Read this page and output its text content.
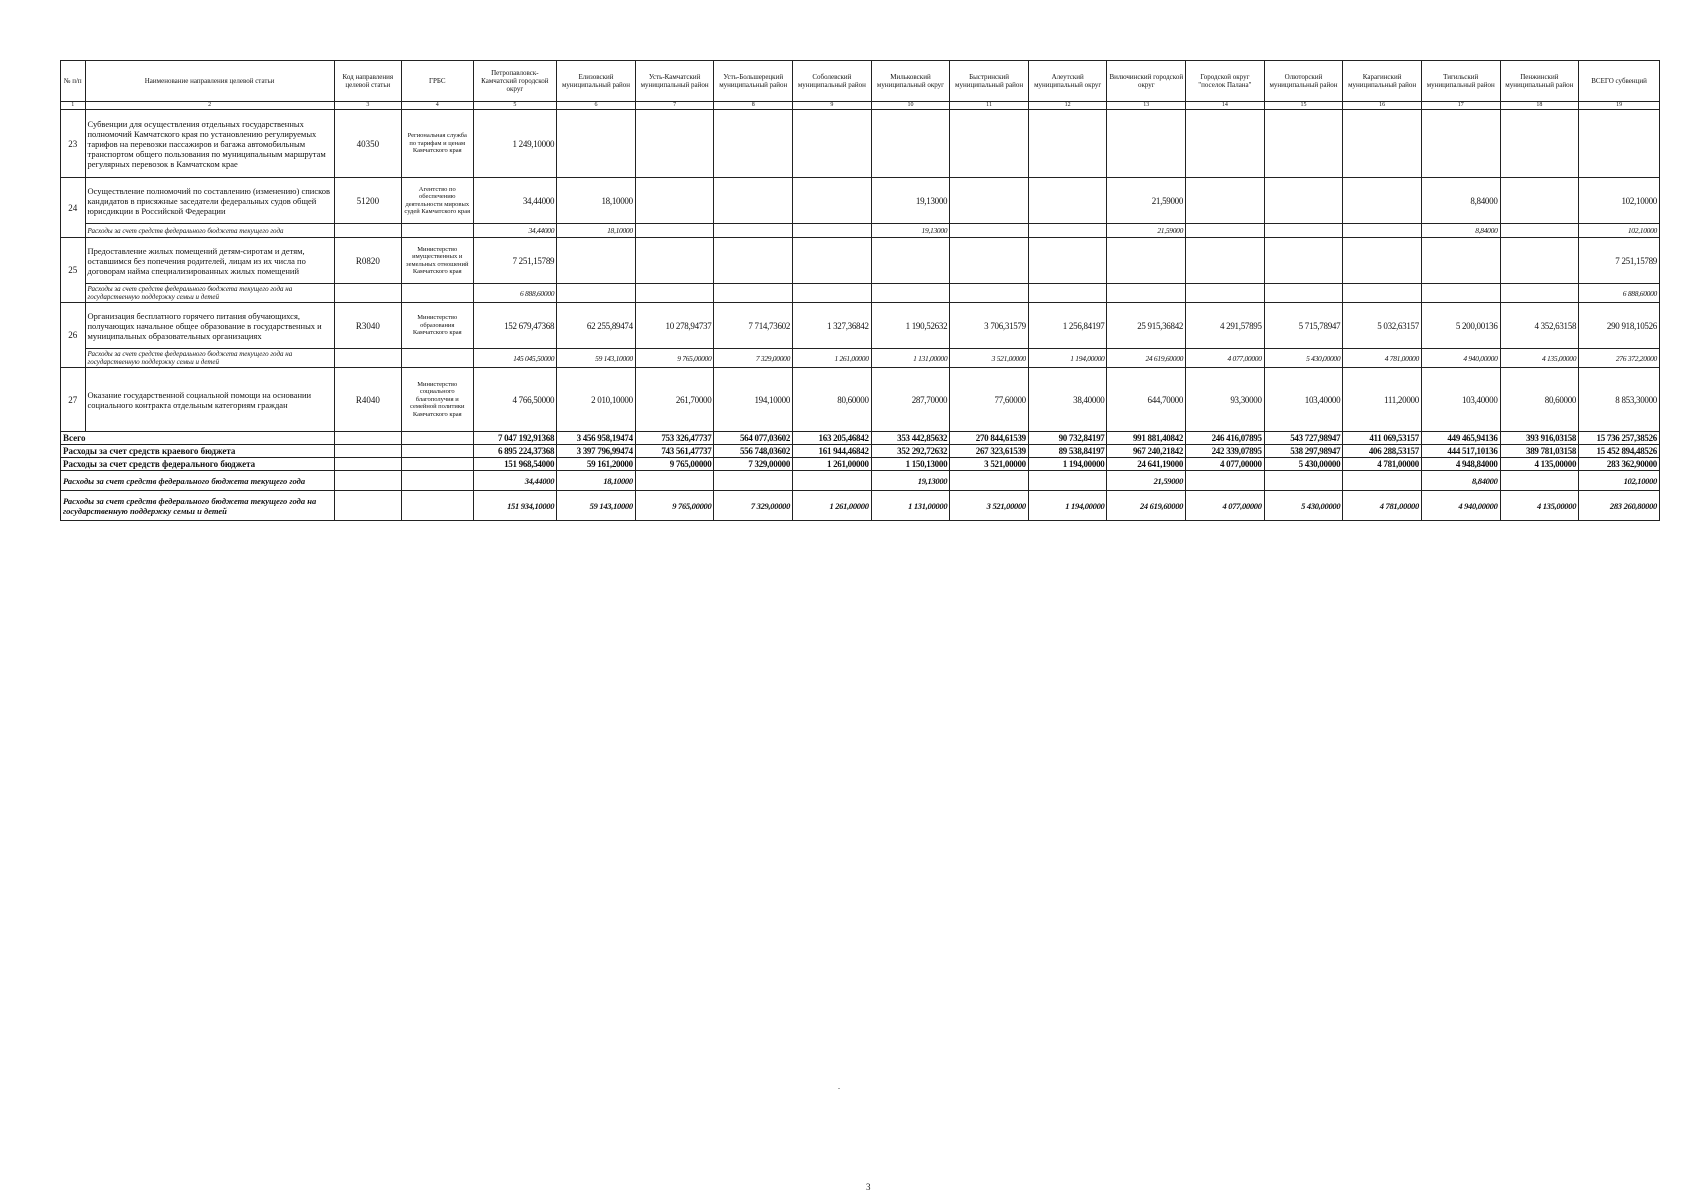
№ п/п	Наименование направления целевой статьи	Код направления целевой статьи	ГРБС	Петропавловск-Камчатский городской округ	Елизовский муниципальный район	Усть-Камчатский муниципальный район	Усть-Большерецкий муниципальный район	Соболевский муниципальный район	Мильковский муниципальный округ	Быстринский муниципальный район	Алеутский муниципальный округ	Вилючинский городской округ	Городской округ "поселок Палана"	Олюторский муниципальный район	Карагинский муниципальный район	Тигильский муниципальный район	Пенжинский муниципальный район	ВСЕГО субвенций
1	2	3	4	5	6	7	8	9	10	11	12	13	14	15	16	17	18	19
23	Субвенции для осуществления отдельных государственных полномочий Камчатского края по установлению регулируемых тарифов на перевозки пассажиров и багажа автомобильным транспортом общего пользования по муниципальным маршрутам регулярных перевозок в Камчатском крае	40350	Региональная служба по тарифам и ценам Камчатского края	1 249,10000														
24	Осуществление полномочий по составлению (изменению) списков кандидатов в присяжные заседатели федеральных судов общей юрисдикции в Российской Федерации	51200	Агентство по обеспечению деятельности мировых судей Камчатского края	34,44000	18,10000				19,13000			21,59000				8,84000		102,10000
	Расходы за счет средств федерального бюджета текущего года			34,44000	18,10000				19,13000			21,59000				8,84000		102,10000
25	Предоставление жилых помещений детям-сиротам и детям, оставшимся без попечения родителей, лицам из их числа по договорам найма специализированных жилых помещений	R0820	Министерство имущественных и земельных отношений Камчатского края	7 251,15789														7 251,15789
	Расходы за счет средств федерального бюджета текущего года на государственную поддержку семьи и детей			6 888,60000														6 888,60000
26	Организация бесплатного горячего питания обучающихся, получающих начальное общее образование в государственных и муниципальных образовательных организациях	R3040	Министерство образования Камчатского края	152 679,47368	62 255,89474	10 278,94737	7 714,73602	1 327,36842	1 190,52632	3 706,31579	1 256,84197	25 915,36842	4 291,57895	5 715,78947	5 032,63157	5 200,00136	4 352,63158	290 918,10526
	Расходы за счет средств федерального бюджета текущего года на государственную поддержку семьи и детей			145 045,50000	59 143,10000	9 765,00000	7 329,00000	1 261,00000	1 131,00000	3 521,00000	1 194,00000	24 619,60000	4 077,00000	5 430,00000	4 781,00000	4 940,00000	4 135,00000	276 372,20000
27	Оказание государственной социальной помощи на основании социального контракта отдельным категориям граждан	R4040	Министерство социального благополучия и семейной политики Камчатского края	4 766,50000	2 010,10000	261,70000	194,10000	80,60000	287,70000	77,60000	38,40000	644,70000	93,30000	103,40000	111,20000	103,40000	80,60000	8 853,30000
Всего				7 047 192,91368	3 456 958,19474	753 326,47737	564 077,03602	163 205,46842	353 442,85632	270 844,61539	90 732,84197	991 881,40842	246 416,07895	543 727,98947	411 069,53157	449 465,94136	393 916,03158	15 736 257,38526
Расходы за счет средств краевого бюджета				6 895 224,37368	3 397 796,99474	743 561,47737	556 748,03602	161 944,46842	352 292,72632	267 323,61539	89 538,84197	967 240,21842	242 339,07895	538 297,98947	406 288,53157	444 517,10136	389 781,03158	15 452 894,48526
Расходы за счет средств федерального бюджета				151 968,54000	59 161,20000	9 765,00000	7 329,00000	1 261,00000	1 150,13000	3 521,00000	1 194,00000	24 641,19000	4 077,00000	5 430,00000	4 781,00000	4 948,84000	4 135,00000	283 362,90000
Расходы за счет средств федерального бюджета текущего года				34,44000	18,10000				19,13000			21,59000				8,84000		102,10000
Расходы за счет средств федерального бюджета текущего года на государственную поддержку семьи и детей				151 934,10000	59 143,10000	9 765,00000	7 329,00000	1 261,00000	1 131,00000	3 521,00000	1 194,00000	24 619,60000	4 077,00000	5 430,00000	4 781,00000	4 940,00000	4 135,00000	283 260,80000
.
3
